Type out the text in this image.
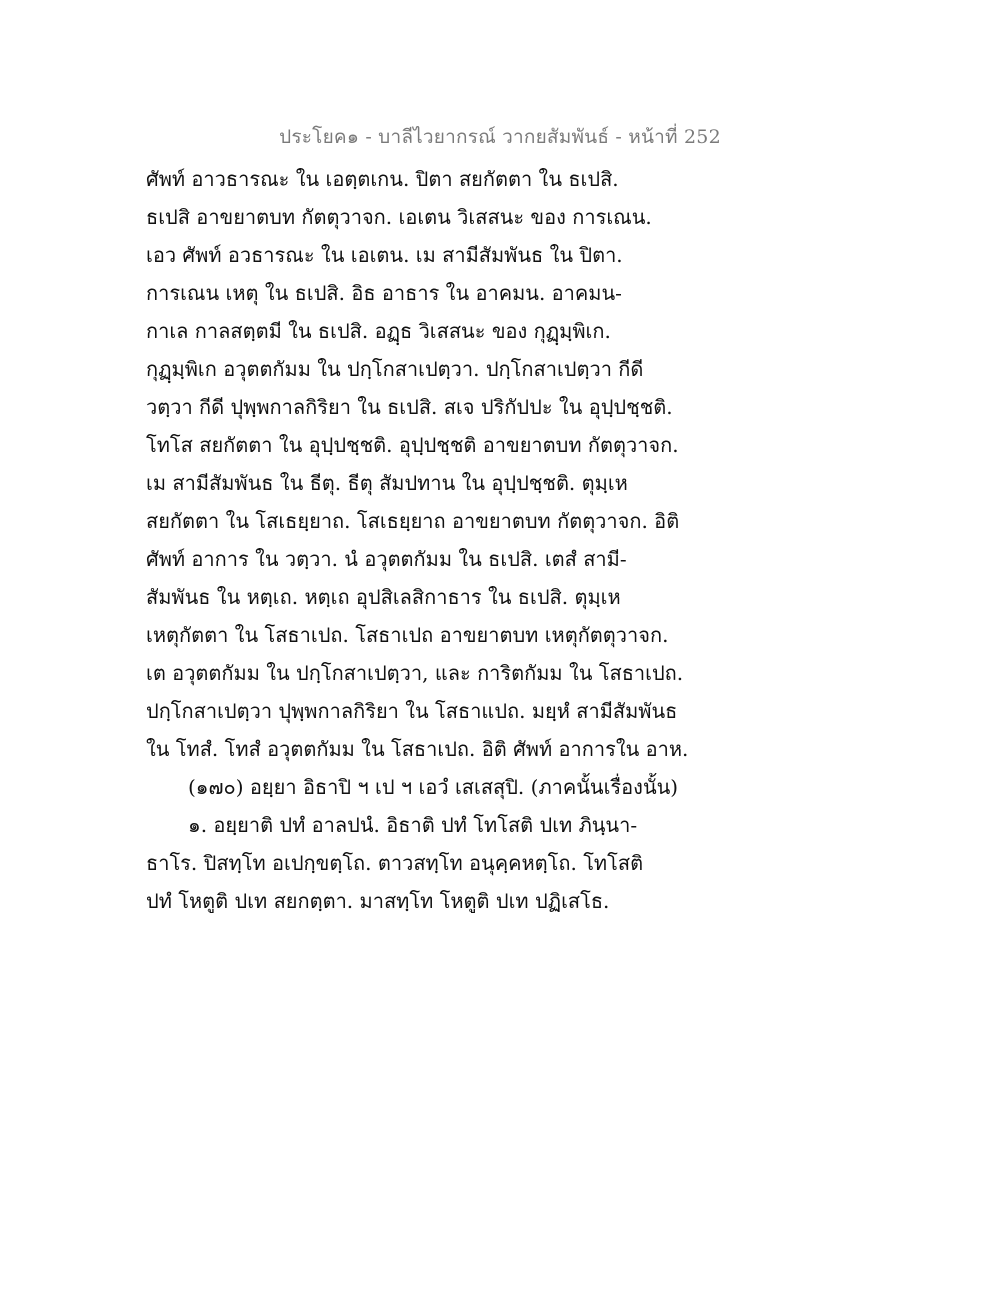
ประโยค๑ - บาลีไวยากรณ์ วากยสัมพันธ์ - หน้าที่ 252
ศัพท์ อาวธารณะ ใน เอตฺตเกน. ปิตา สยกัตตา ใน ธเปสิ.
ธเปสิ อาขยาตบท กัตตุวาจก. เอเตน วิเสสนะ ของ การเณน.
เอว ศัพท์ อวธารณะ ใน เอเตน. เม สามีสัมพันธ ใน ปิตา.
การเณน เหตุ ใน ธเปสิ. อิธ อาธาร ใน อาคมน. อาคมน-
กาเล กาลสตฺตมี ใน ธเปสิ. อฏฺธ วิเสสนะ ของ กุฏฺมฺพิเก.
กุฏฺมฺพิเก อวุตตกัมม ใน ปกฺโกสาเปตฺวา. ปกฺโกสาเปตฺวา กีดี
วตฺวา กีดี ปุพฺพกาลกิริยา ใน ธเปสิ. สเจ ปริกัปปะ ใน อุปฺปชฺชติ.
โทโส สยกัตตา ใน อุปฺปชฺชติ. อุปฺปชฺชติ อาขยาตบท กัตตุวาจก.
เม สามีสัมพันธ ใน ธีตุ. ธีตุ สัมปทาน ใน อุปฺปชฺชติ. ตุมฺเห
สยกัตตา ใน โสเธยฺยาถ. โสเธยฺยาถ อาขยาตบท กัตตุวาจก. อิติ
ศัพท์ อาการ ใน วตฺวา. นํ อวุตตกัมม ใน ธเปสิ. เตสํ สามี-
สัมพันธ ใน หตฺเถ. หตฺเถ อุปสิเลสิกาธาร ใน ธเปสิ. ตุมฺเห
เหตุกัตตา ใน โสธาเปถ. โสธาเปถ อาขยาตบท เหตุกัตตุวาจก.
เต อวุตตกัมม ใน ปกฺโกสาเปตฺวา, และ การิตกัมม ใน โสธาเปถ.
ปกฺโกสาเปตฺวา ปุพฺพกาลกิริยา ใน โสธาแปถ. มยฺหํ สามีสัมพันธ
ใน โทสํ. โทสํ อวุตตกัมม ใน โสธาเปถ. อิติ ศัพท์ อาการใน อาห.
(๑๗๐) อยฺยา อิธาปิ ฯ เป ฯ เอวํ เสเสสุปิ. (ภาคนั้นเรื่องนั้น)
๑. อยฺยาติ ปทํ อาลปนํ. อิธาติ ปทํ โทโสติ ปเท ภินฺนา-
ธาโร. ปิสทฺโท อเปกฺขตฺโถ. ตาวสทฺโท อนุคฺคหตฺโถ. โทโสติ
ปทํ โหตูติ ปเท สยกตฺตา. มาสทฺโท โหตูติ ปเท ปฏิเสโธ.
